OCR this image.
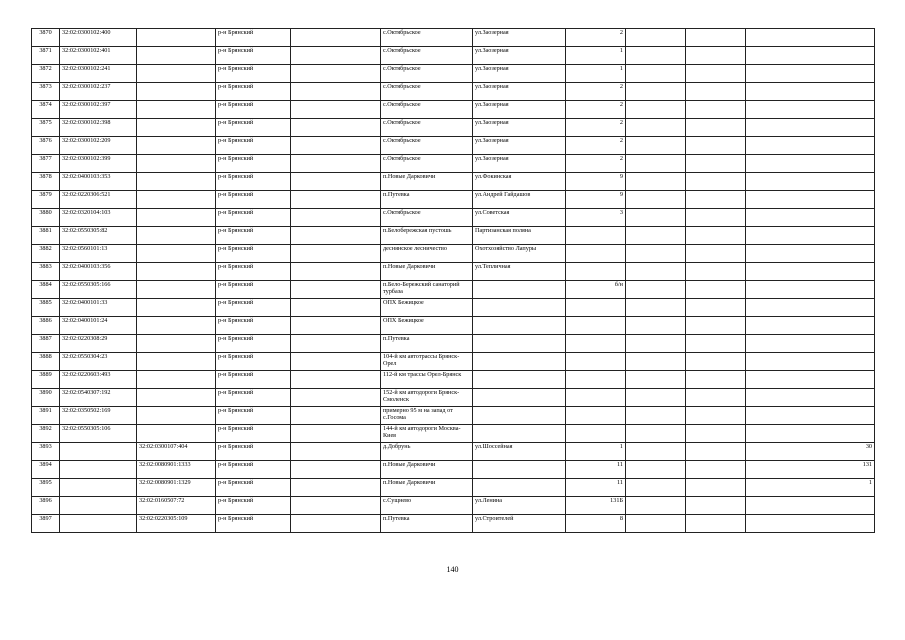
3870	32:02:0300102:400		р-н Брянский		с.Октябрьское	ул.Заозерная	2			
3871	32:02:0300102:401		р-н Брянский		с.Октябрьское	ул.Заозерная	1			
3872	32:02:0300102:241		р-н Брянский		с.Октябрьское	ул.Заозерная	1			
3873	32:02:0300102:237		р-н Брянский		с.Октябрьское	ул.Заозерная	2			
3874	32:02:0300102:397		р-н Брянский		с.Октябрьское	ул.Заозерная	2			
3875	32:02:0300102:398		р-н Брянский		с.Октябрьское	ул.Заозерная	2			
3876	32:02:0300102:209		р-н Брянский		с.Октябрьское	ул.Заозерная	2			
3877	32:02:0300102:399		р-н Брянский		с.Октябрьское	ул.Заозерная	2			
3878	32:02:0400103:353		р-н Брянский		п.Новые Дарковичи	ул.Фокинская	9			
3879	32:02:0220306:521		р-н Брянский		п.Путевка	ул.Андрей Гайдашов	9			
3880	32:02:0320104:103		р-н Брянский		с.Октябрьское	ул.Советская	3			
3881	32:02:0550305:82		р-н Брянский		п.Белобережская пустошь	Партизанская поляна				
3882	32:02:0560101:13		р-н Брянский		деснянское лесничество	Охотхозяйство Лапуры				
3883	32:02:0400103:356		р-н Брянский		п.Новые Дарковичи	ул.Тепличная				
3884	32:02:0550305:166		р-н Брянский		п.Бело-Бережский санаторий турбаза		б/н			
3885	32:02:0400101:33		р-н Брянский		ОПХ Бежицкое					
3886	32:02:0400101:24		р-н Брянский		ОПХ Бежицкое					
3887	32:02:0220308:29		р-н Брянский		п.Путевка					
3888	32:02:0550304:23		р-н Брянский		104-й км автотрассы Брянск-Орел					
3889	32:02:0220603:493		р-н Брянский		112-й км трассы Орел-Брянск					
3890	32:02:0540307:192		р-н Брянский		152-й км автодороги Брянск-Смоленск					
3891	32:02:0350502:169		р-н Брянский		примерно 95 м на запад от с.Госома					
3892	32:02:0550305:106		р-н Брянский		144-й км автодороги Москва-Киев					
3893		32:02:0300107:404	р-н Брянский		д.Добрунь	ул.Шоссейная	1			30
3894		32:02:0080901:1333	р-н Брянский		п.Новые Дарковичи		11			131
3895		32:02:0080901:1329	р-н Брянский		п.Новые Дарковичи		11			1
3896		32:02:0160507:72	р-н Брянский		с.Сущнево	ул.Ленина	131Б			
3897		32:02:0220305:109	р-н Брянский		п.Путевка	ул.Строителей	8			
140
